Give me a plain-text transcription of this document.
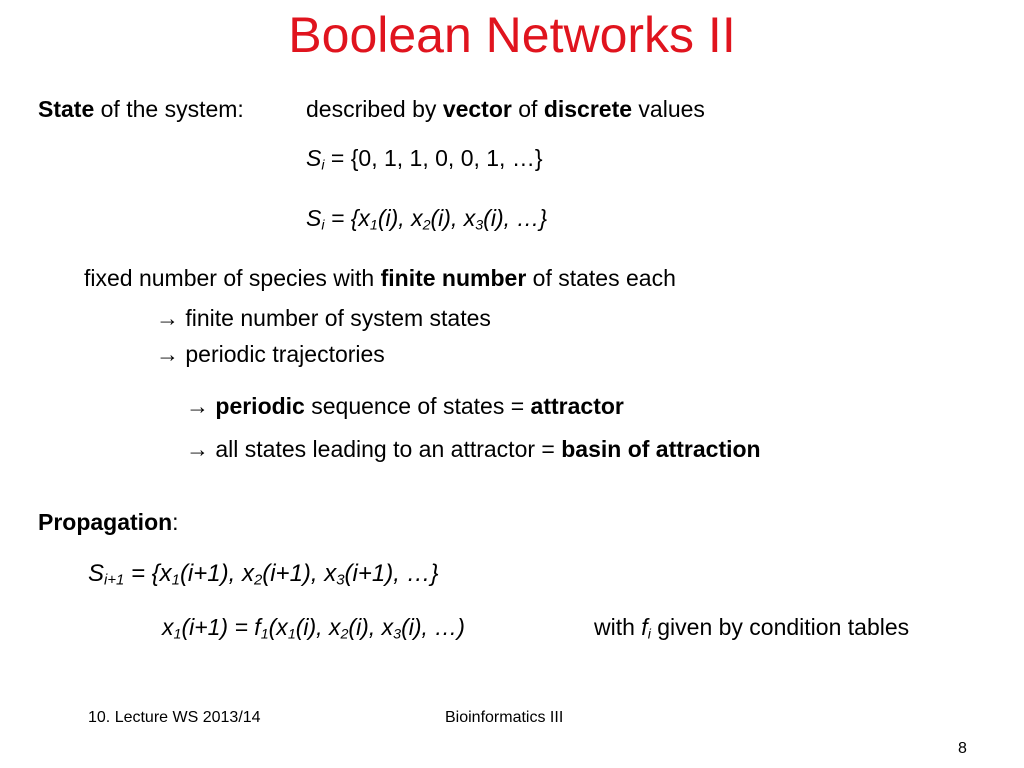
Boolean Networks II
State of the system:	described by vector of discrete values
$S_i = \{0$, 1, 1, 0, 0, 1, …}
$S_i = \{x_1(i)$, $x_2(i)$, $x_3(i)$, …}
fixed number of species with finite number of states each
→ finite number of system states
→ periodic trajectories
→ periodic sequence of states = attractor
→ all states leading to an attractor = basin of attraction
Propagation:
$S_{i+1} = \{x_1(i+1)$, $x_2(i+1)$, $x_3(i+1)$, …}
$x_1(i+1) = f_1(x_1(i)$, $x_2(i)$, $x_3(i)$, …)	with $f_i$ given by condition tables
10. Lecture WS 2013/14	Bioinformatics III
8
